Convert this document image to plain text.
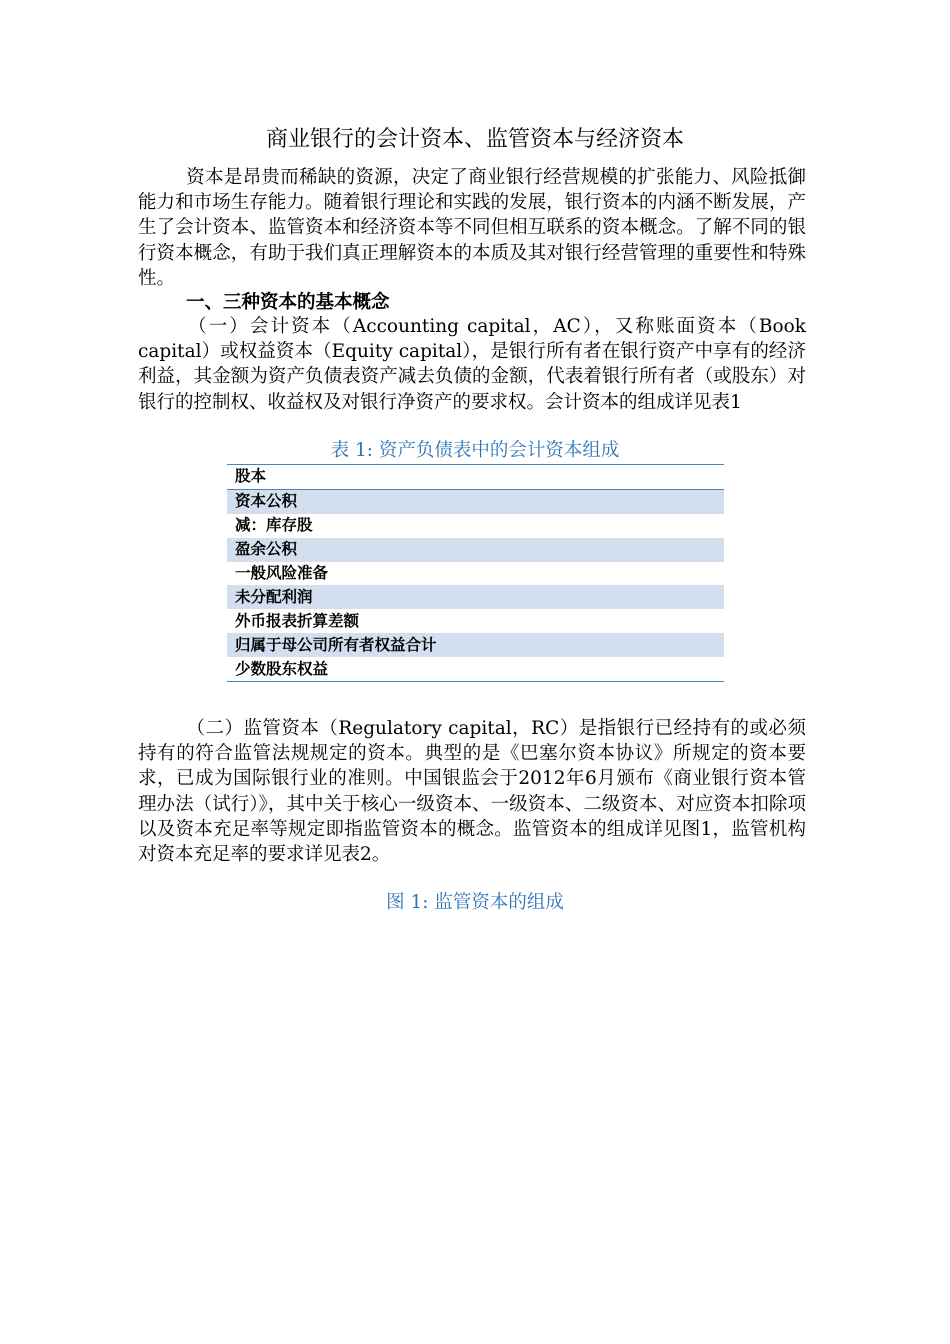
商业银行的会计资本、监管资本与经济资本

资本是昂贵而稀缺的资源，决定了商业银行经营规模的扩张能力、风险抵御能力和市场生存能力。随着银行理论和实践的发展，银行资本的内涵不断发展，产生了会计资本、监管资本和经济资本等不同但相互联系的资本概念。了解不同的银行资本概念，有助于我们真正理解资本的本质及其对银行经营管理的重要性和特殊性。

一、三种资本的基本概念

（一）会计资本（Accounting capital，AC），又称账面资本（Book capital）或权益资本（Equity capital），是银行所有者在银行资产中享有的经济利益，其金额为资产负债表资产减去负债的金额，代表着银行所有者（或股东）对银行的控制权、收益权及对银行净资产的要求权。会计资本的组成详见表1

表 1: 资产负债表中的会计资本组成
股本
资本公积
减：库存股
盈余公积
一般风险准备
未分配利润
外币报表折算差额
归属于母公司所有者权益合计
少数股东权益

（二）监管资本（Regulatory capital，RC）是指银行已经持有的或必须持有的符合监管法规规定的资本。典型的是《巴塞尔资本协议》所规定的资本要求，已成为国际银行业的准则。中国银监会于2012年6月颁布《商业银行资本管理办法（试行）》，其中关于核心一级资本、一级资本、二级资本、对应资本扣除项以及资本充足率等规定即指监管资本的概念。监管资本的组成详见图1，监管机构对资本充足率的要求详见表2。

图 1: 监管资本的组成
